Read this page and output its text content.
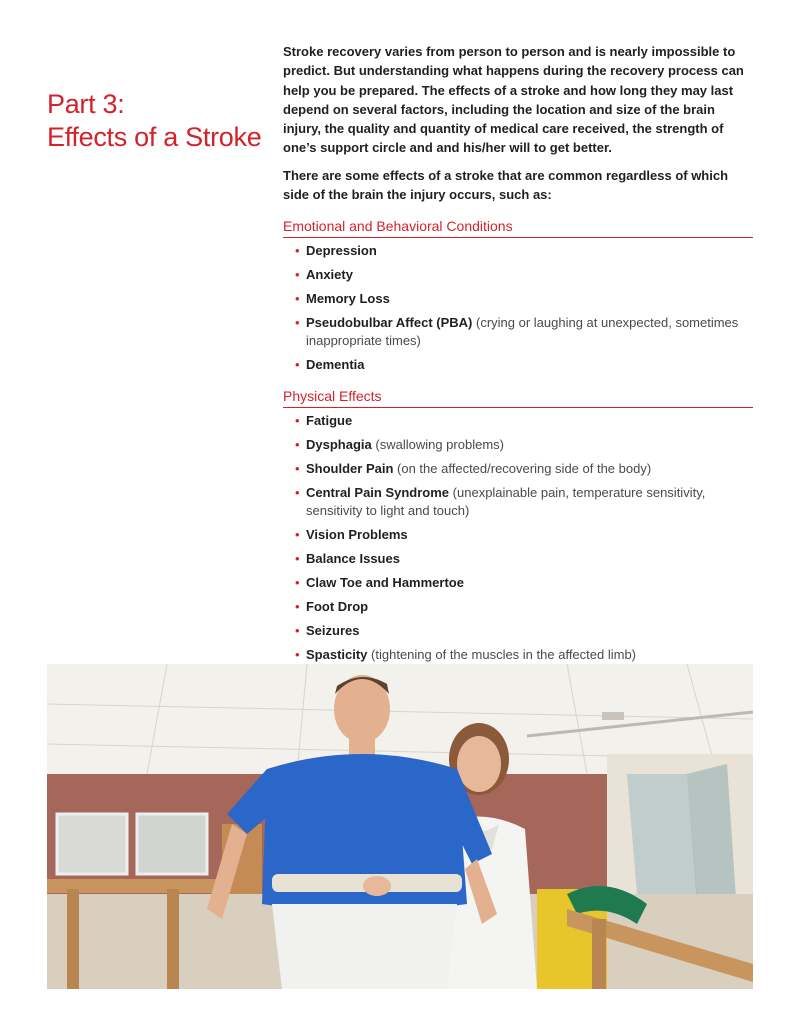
Part 3:
Effects of a Stroke

Stroke recovery varies from person to person and is nearly impossible to predict. But understanding what happens during the recovery process can help you be prepared. The effects of a stroke and how long they may last depend on several factors, including the location and size of the brain injury, the quality and quantity of medical care received, the strength of one’s support circle and and his/her will to get better.

There are some effects of a stroke that are common regardless of which side of the brain the injury occurs, such as:

Emotional and Behavioral Conditions
• Depression
• Anxiety
• Memory Loss
• Pseudobulbar Affect (PBA) (crying or laughing at unexpected, sometimes inappropriate times)
• Dementia
Physical Effects
• Fatigue
• Dysphagia (swallowing problems)
• Shoulder Pain (on the affected/recovering side of the body)
• Central Pain Syndrome (unexplainable pain, temperature sensitivity, sensitivity to light and touch)
• Vision Problems
• Balance Issues
• Claw Toe and Hammertoe
• Foot Drop
• Seizures
• Spasticity (tightening of the muscles in the affected limb)
